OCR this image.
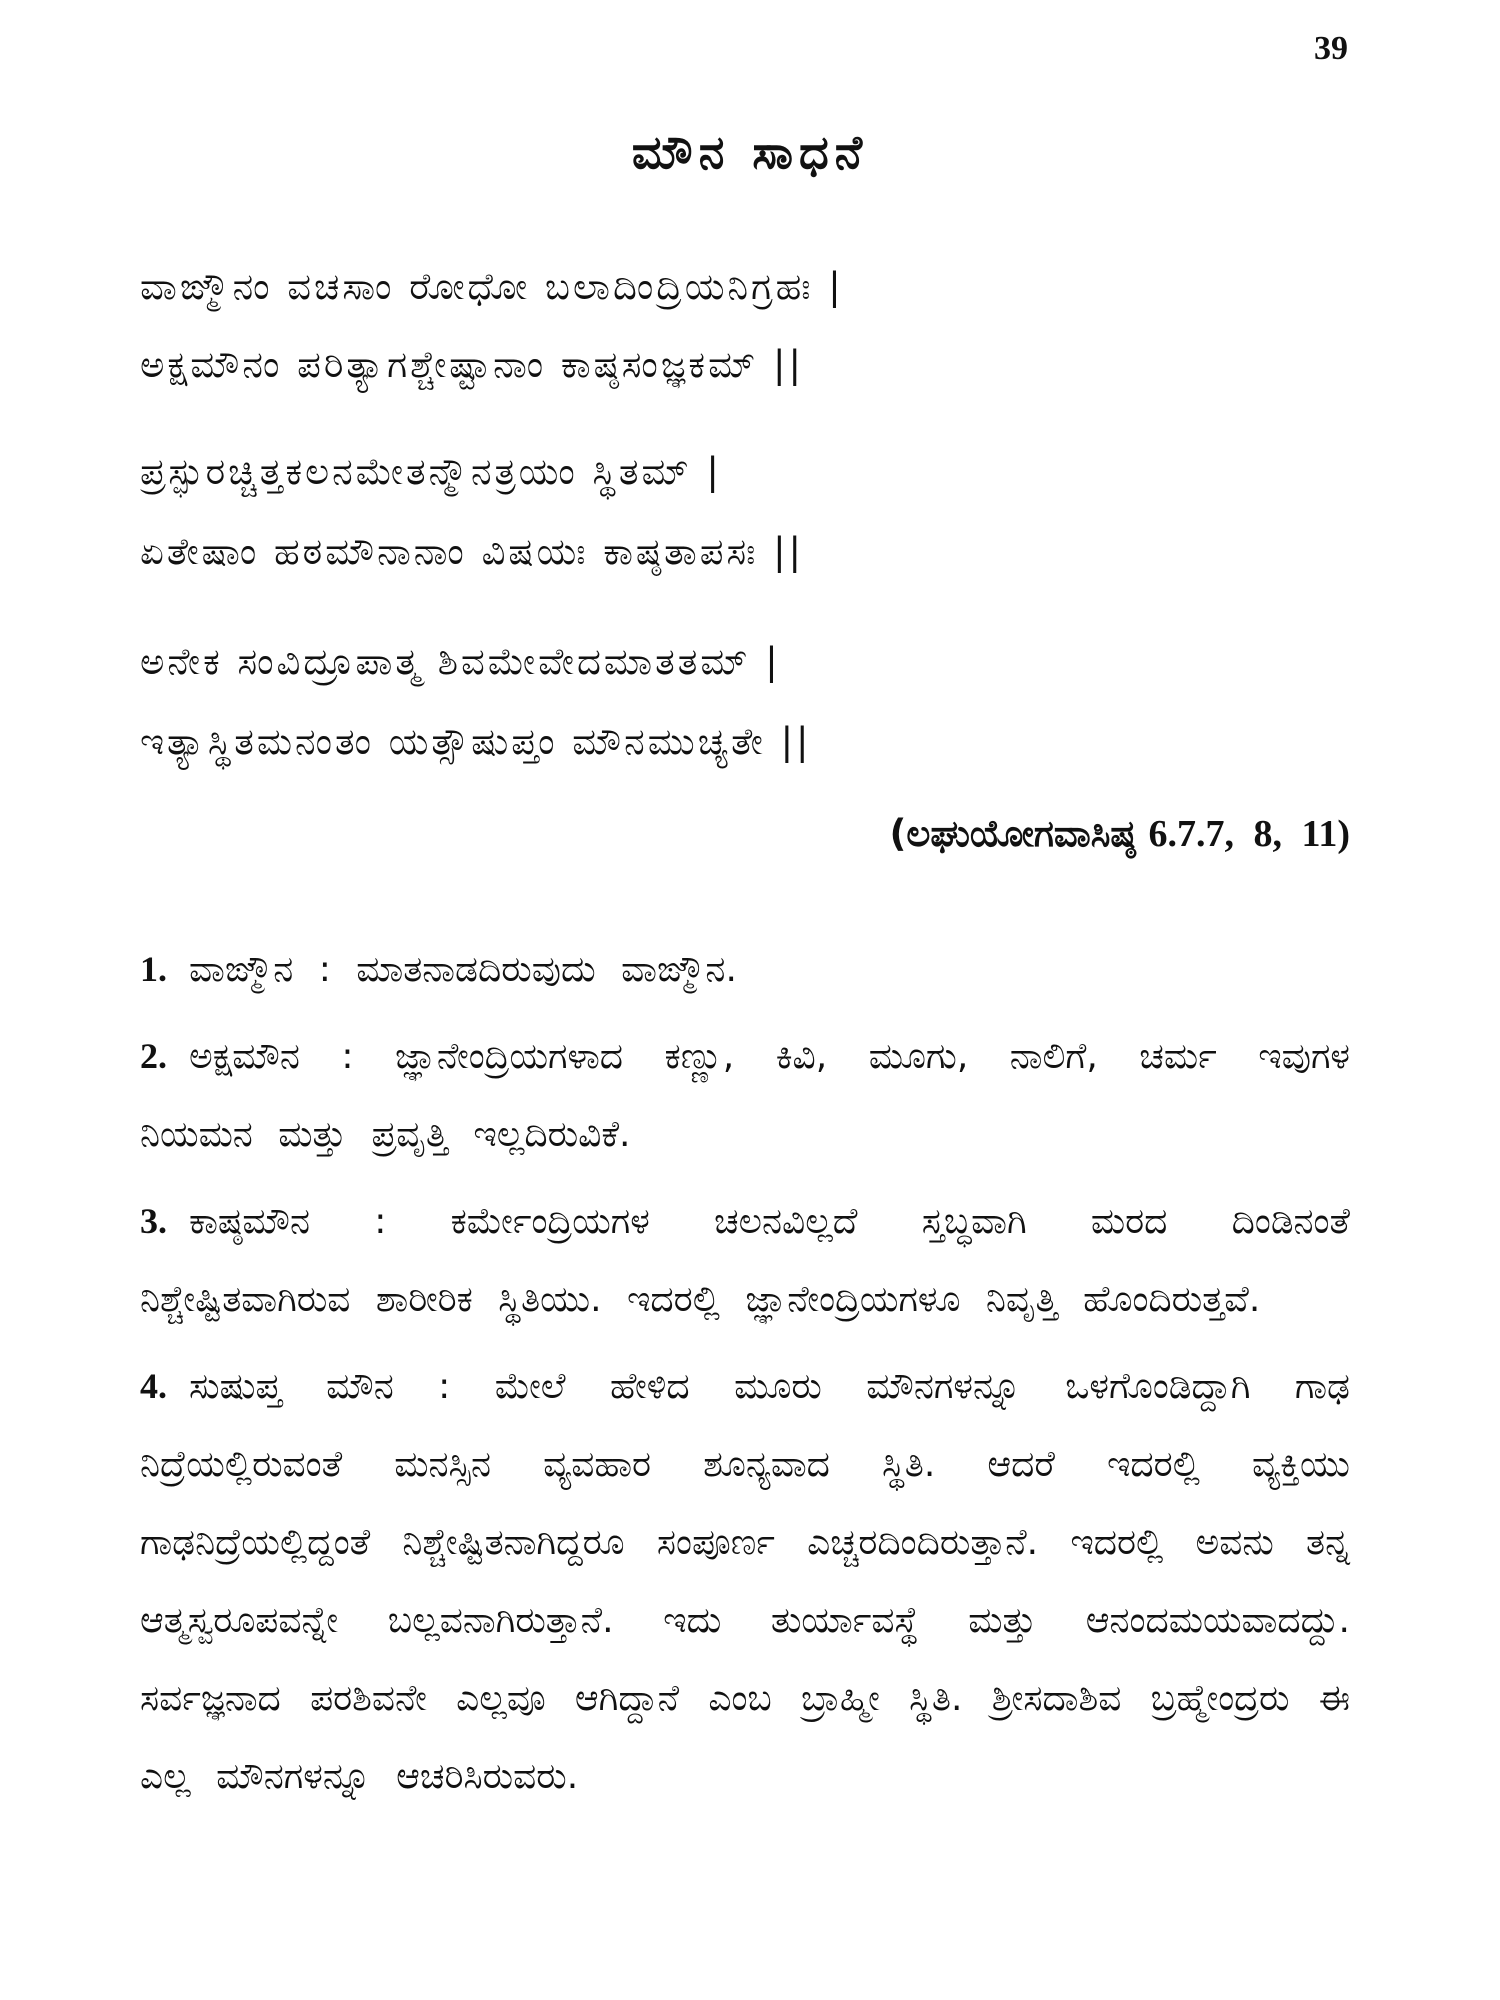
39
ಮೌನ ಸಾಧನೆ
ವಾಙ್ಮೌನಂ ವಚಸಾಂ ರೋಧೋ ಬಲಾದಿಂದ್ರಿಯನಿಗ್ರಹಃ |
ಅಕ್ಷಮೌನಂ ಪರಿತ್ಯಾಗಶ್ಚೇಷ್ಟಾನಾಂ ಕಾಷ್ಠಸಂಜ್ಞಕಮ್ ||
ಪ್ರಸ್ಫುರಚ್ಚಿತ್ತಕಲನಮೇತನ್ಮೌನತ್ರಯಂ ಸ್ಥಿತಮ್ |
ಏತೇಷಾಂ ಹಠಮೌನಾನಾಂ ವಿಷಯಃ ಕಾಷ್ಠತಾಪಸಃ ||
ಅನೇಕ ಸಂವಿದ್ರೂಪಾತ್ಮ ಶಿವಮೇವೇದಮಾತತಮ್ |
ಇತ್ಯಾಸ್ಥಿತಮನಂತಂ ಯತ್ಸೌಷುಪ್ತಂ ಮೌನಮುಚ್ಯತೇ ||
(ಲಘುಯೋಗವಾಸಿಷ್ಠ 6.7.7, 8, 11)
1. ವಾಙ್ಮೌನ : ಮಾತನಾಡದಿರುವುದು ವಾಙ್ಮೌನ.
2. ಅಕ್ಷಮೌನ : ಜ್ಞಾನೇಂದ್ರಿಯಗಳಾದ ಕಣ್ಣು, ಕಿವಿ, ಮೂಗು, ನಾಲಿಗೆ, ಚರ್ಮ ಇವುಗಳ ನಿಯಮನ ಮತ್ತು ಪ್ರವೃತ್ತಿ ಇಲ್ಲದಿರುವಿಕೆ.
3. ಕಾಷ್ಠಮೌನ : ಕರ್ಮೇಂದ್ರಿಯಗಳ ಚಲನವಿಲ್ಲದೆ ಸ್ತಬ್ಧವಾಗಿ ಮರದ ದಿಂಡಿನಂತೆ ನಿಶ್ಚೇಷ್ಟಿತವಾಗಿರುವ ಶಾರೀರಿಕ ಸ್ಥಿತಿಯು. ಇದರಲ್ಲಿ ಜ್ಞಾನೇಂದ್ರಿಯಗಳೂ ನಿವೃತ್ತಿ ಹೊಂದಿರುತ್ತವೆ.
4. ಸುಷುಪ್ತ ಮೌನ : ಮೇಲೆ ಹೇಳಿದ ಮೂರು ಮೌನಗಳನ್ನೂ ಒಳಗೊಂಡಿದ್ದಾಗಿ ಗಾಢ ನಿದ್ರೆಯಲ್ಲಿರುವಂತೆ ಮನಸ್ಸಿನ ವ್ಯವಹಾರ ಶೂನ್ಯವಾದ ಸ್ಥಿತಿ. ಆದರೆ ಇದರಲ್ಲಿ ವ್ಯಕ್ತಿಯು ಗಾಢನಿದ್ರೆಯಲ್ಲಿದ್ದಂತೆ ನಿಶ್ಚೇಷ್ಟಿತನಾಗಿದ್ದರೂ ಸಂಪೂರ್ಣ ಎಚ್ಚರದಿಂದಿರುತ್ತಾನೆ. ಇದರಲ್ಲಿ ಅವನು ತನ್ನ ಆತ್ಮಸ್ವರೂಪವನ್ನೇ ಬಲ್ಲವನಾಗಿರುತ್ತಾನೆ. ಇದು ತುರ್ಯಾವಸ್ಥೆ ಮತ್ತು ಆನಂದಮಯವಾದದ್ದು. ಸರ್ವಜ್ಞನಾದ ಪರಶಿವನೇ ಎಲ್ಲವೂ ಆಗಿದ್ದಾನೆ ಎಂಬ ಬ್ರಾಹ್ಮೀ ಸ್ಥಿತಿ. ಶ್ರೀಸದಾಶಿವ ಬ್ರಹ್ಮೇಂದ್ರರು ಈ ಎಲ್ಲ ಮೌನಗಳನ್ನೂ ಆಚರಿಸಿರುವರು.
